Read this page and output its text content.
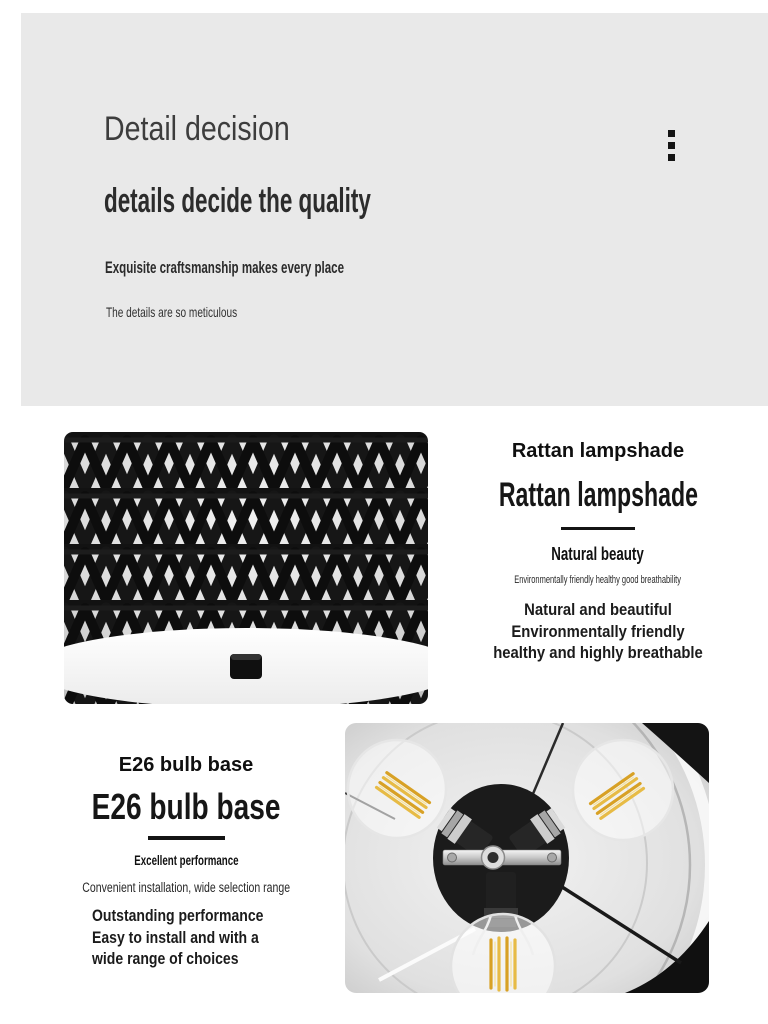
Detail decision
details decide the quality

Exquisite craftsmanship makes every place

The details are so meticulous

Rattan lampshade
Rattan lampshade
Natural beauty

Environmentally friendly healthy good breathability

Natural and beautiful
Environmentally friendly
healthy and highly breathable
E26 bulb base
E26 bulb base
Excellent performance

Convenient installation, wide selection range

Outstanding performance
Easy to install and with a
wide range of choices
